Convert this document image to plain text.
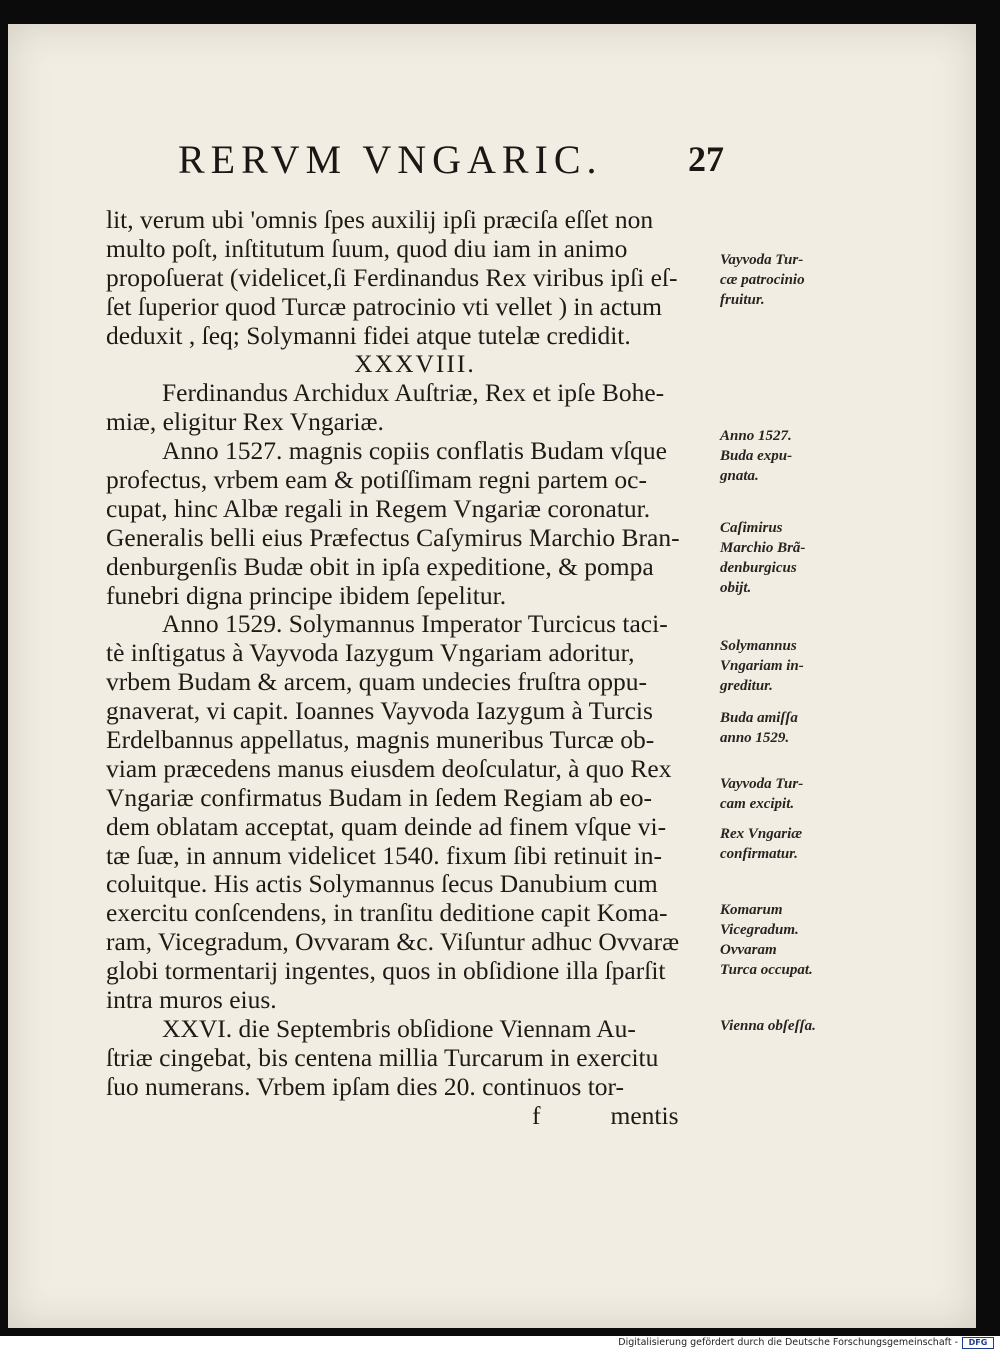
RERVM VNGARIC. 27
lit, verum ubi 'omnis ſpes auxilij ipſi præciſa eſſet non
multo poſt, inſtitutum ſuum, quod diu iam in animo
propoſuerat (videlicet,ſi Ferdinandus Rex viribus ipſi eſ-
ſet ſuperior quod Turcæ patrocinio vti vellet ) in actum
deduxit , ſeq; Solymanni fidei atque tutelæ credidit.
XXXVIII.
Ferdinandus Archidux Auſtriæ, Rex et ipſe Bohe-
miæ, eligitur Rex Vngariæ.
Anno 1527. magnis copiis conflatis Budam vſque
profectus, vrbem eam & potiſſimam regni partem oc-
cupat, hinc Albæ regali in Regem Vngariæ coronatur.
Generalis belli eius Præfectus Caſymirus Marchio Bran-
denburgenſis Budæ obit in ipſa expeditione, & pompa
funebri digna principe ibidem ſepelitur.
Anno 1529. Solymannus Imperator Turcicus taci-
tè inſtigatus à Vayvoda Iazygum Vngariam adoritur,
vrbem Budam & arcem, quam undecies fruſtra oppu-
gnaverat, vi capit. Ioannes Vayvoda Iazygum à Turcis
Erdelbannus appellatus, magnis muneribus Turcæ ob-
viam præcedens manus eiusdem deoſculatur, à quo Rex
Vngariæ confirmatus Budam in ſedem Regiam ab eo-
dem oblatam acceptat, quam deinde ad finem vſque vi-
tæ ſuæ, in annum videlicet 1540. fixum ſibi retinuit in-
coluitque. His actis Solymannus ſecus Danubium cum
exercitu conſcendens, in tranſitu deditione capit Koma-
ram, Vicegradum, Ovvaram &c. Viſuntur adhuc Ovvaræ
globi tormentarij ingentes, quos in obſidione illa ſparſit
intra muros eius.
XXVI. die Septembris obſidione Viennam Au-
ſtriæ cingebat, bis centena millia Turcarum in exercitu
ſuo numerans. Vrbem ipſam dies 20. continuos tor-
f	mentis
Vayvoda Tur-
cæ patrocinio
fruitur.
Anno 1527.
Buda expu-
gnata.
Caſimirus
Marchio Brã-
denburgicus
obijt.
Solymannus
Vngariam in-
greditur.
Buda amiſſa
anno 1529.
Vayvoda Tur-
cam excipit.
Rex Vngariæ
confirmatur.
Komarum
Vicegradum.
Ovvaram
Turca occupat.
Vienna obſeſſa.
Digitalisierung gefördert durch die Deutsche Forschungsgemeinschaft -	DFG
